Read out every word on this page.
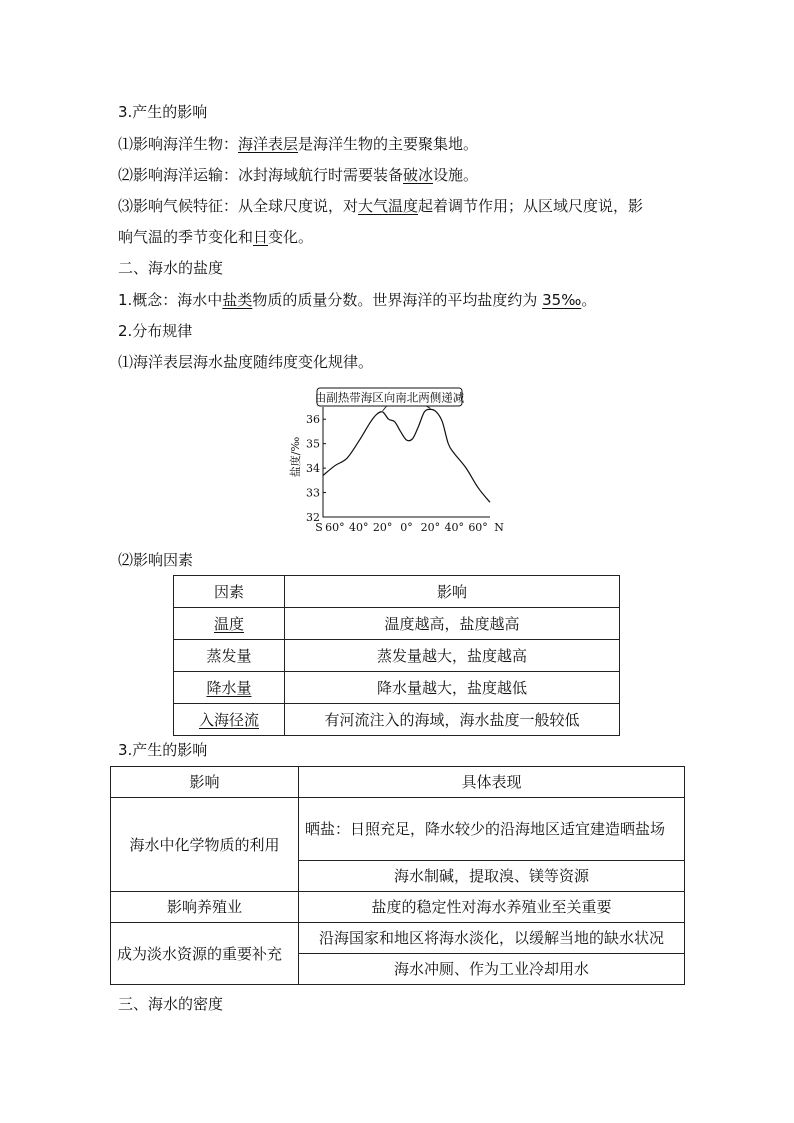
3.产生的影响
⑴影响海洋生物：海洋表层是海洋生物的主要聚集地。
⑵影响海洋运输：冰封海域航行时需要装备破冰设施。
⑶影响气候特征：从全球尺度说，对大气温度起着调节作用；从区域尺度说，影
响气温的季节变化和日变化。
二、海水的盐度
1.概念：海水中盐类物质的质量分数。世界海洋的平均盐度约为 35‰。
2.分布规律
⑴海洋表层海水盐度随纬度变化规律。
36
35
34
33
32
60° 40° 20° 0° 20° 40° 60°
S	N
由副热带海区向南北两侧递减
盐度/‰
⑵影响因素
因素	影响
温度	温度越高，盐度越高
蒸发量	蒸发量越大，盐度越高
降水量	降水量越大，盐度越低
入海径流	有河流注入的海域，海水盐度一般较低
3.产生的影响
影响	具体表现
海水中化学物质的利用	晒盐：日照充足，降水较少的沿海地区适宜建造晒盐场
	海水制碱，提取溴、镁等资源
影响养殖业	盐度的稳定性对海水养殖业至关重要
成为淡水资源的重要补充	沿海国家和地区将海水淡化，以缓解当地的缺水状况
	海水冲厕、作为工业冷却用水
三、海水的密度
